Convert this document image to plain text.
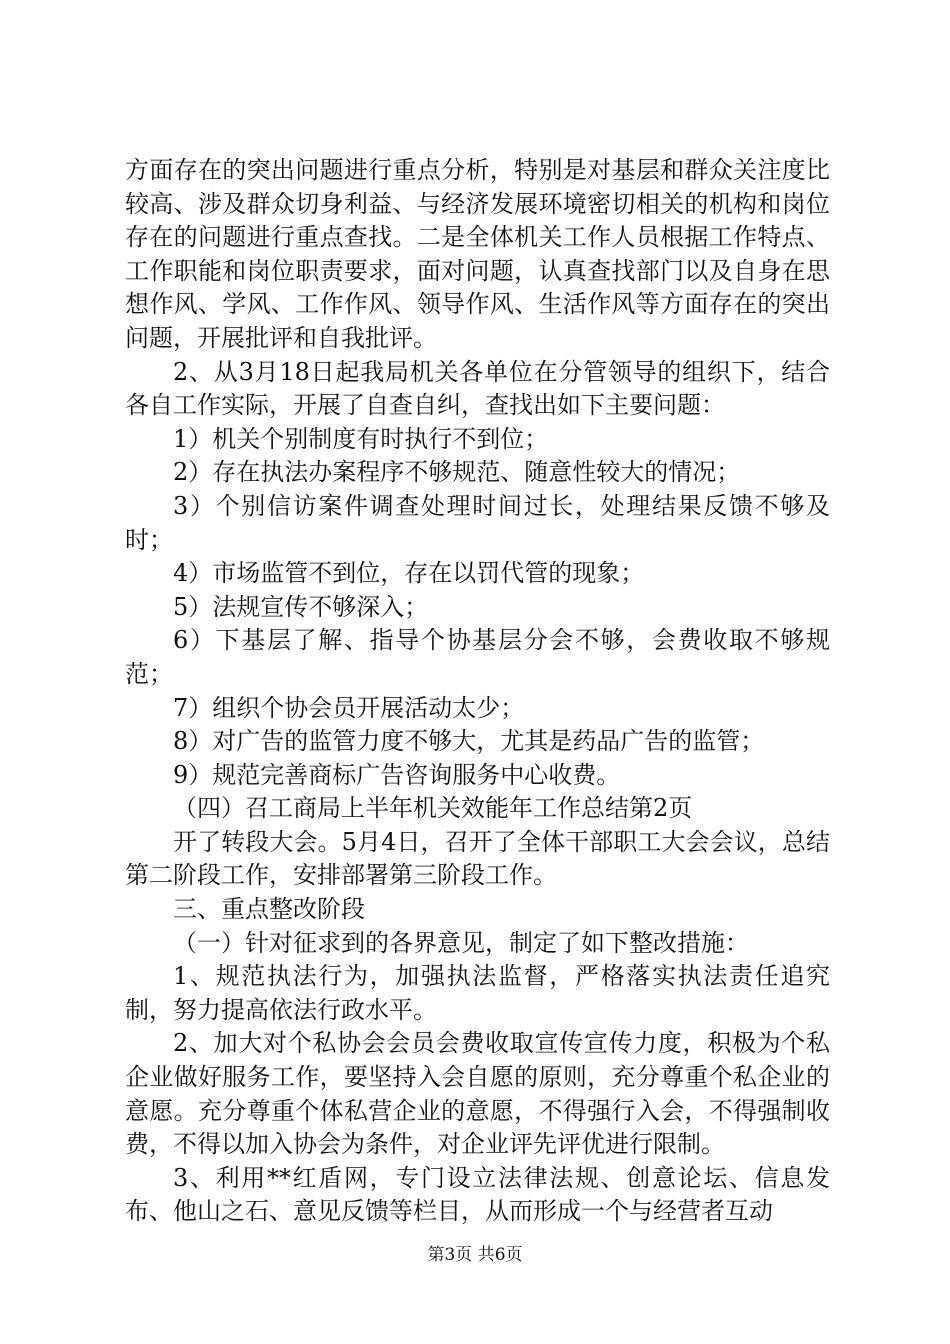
方面存在的突出问题进行重点分析，特别是对基层和群众关注度比较高、涉及群众切身利益、与经济发展环境密切相关的机构和岗位存在的问题进行重点查找。二是全体机关工作人员根据工作特点、工作职能和岗位职责要求，面对问题，认真查找部门以及自身在思想作风、学风、工作作风、领导作风、生活作风等方面存在的突出问题，开展批评和自我批评。

2、从3月18日起我局机关各单位在分管领导的组织下，结合各自工作实际，开展了自查自纠，查找出如下主要问题：

1）机关个别制度有时执行不到位；

2）存在执法办案程序不够规范、随意性较大的情况；

3）个别信访案件调查处理时间过长，处理结果反馈不够及时；

4）市场监管不到位，存在以罚代管的现象；

5）法规宣传不够深入；

6）下基层了解、指导个协基层分会不够，会费收取不够规范；

7）组织个协会员开展活动太少；

8）对广告的监管力度不够大，尤其是药品广告的监管；

9）规范完善商标广告咨询服务中心收费。

（四）召工商局上半年机关效能年工作总结第2页

开了转段大会。5月4日，召开了全体干部职工大会会议，总结第二阶段工作，安排部署第三阶段工作。

三、重点整改阶段

（一）针对征求到的各界意见，制定了如下整改措施：

1、规范执法行为，加强执法监督，严格落实执法责任追究制，努力提高依法行政水平。

2、加大对个私协会会员会费收取宣传宣传力度，积极为个私企业做好服务工作，要坚持入会自愿的原则，充分尊重个私企业的意愿。充分尊重个体私营企业的意愿，不得强行入会，不得强制收费，不得以加入协会为条件，对企业评先评优进行限制。

3、利用**红盾网，专门设立法律法规、创意论坛、信息发布、他山之石、意见反馈等栏目，从而形成一个与经营者互动

第3页 共6页
